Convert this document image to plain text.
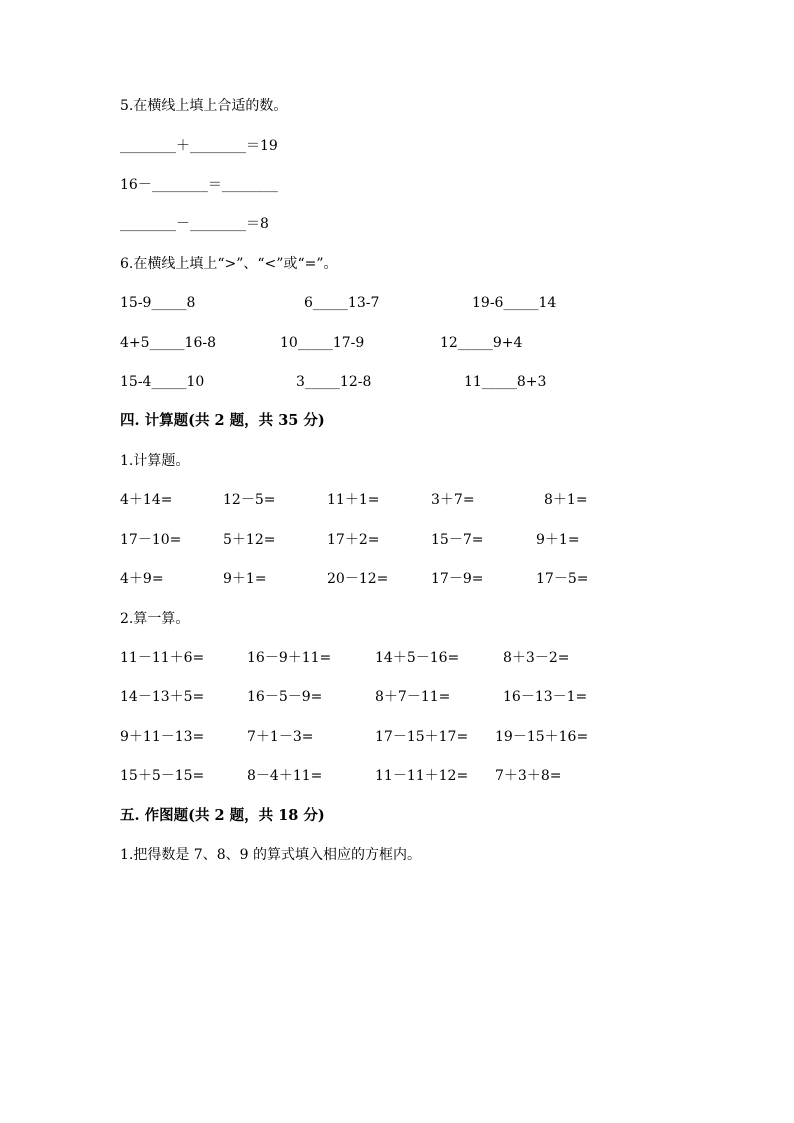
5.在横线上填上合适的数。
________＋________＝19
16－________＝________
________－________＝8
6.在横线上填上“>”、“<”或“=”。
15-9_____8	6_____13-7	19-6_____14
4+5_____16-8	10_____17-9	12_____9+4
15-4_____10	3_____12-8	11_____8+3
四. 计算题(共 2 题，共 35 分)
1.计算题。
4＋14=	12－5=	11＋1=	3＋7=	8＋1=
17－10=	5＋12=	17＋2=	15－7=	9＋1=
4＋9=	9＋1=	20－12=	17－9=	17－5=
2.算一算。
11－11＋6=	16－9＋11=	14＋5－16=	8＋3－2=
14－13＋5=	16－5－9=	8＋7－11=	16－13－1=
9＋11－13=	7＋1－3=	17－15＋17= 19－15＋16=
15＋5－15=	8－4＋11=	11－11＋12= 7＋3＋8=
五. 作图题(共 2 题，共 18 分)
1.把得数是 7、8、9 的算式填入相应的方框内。
